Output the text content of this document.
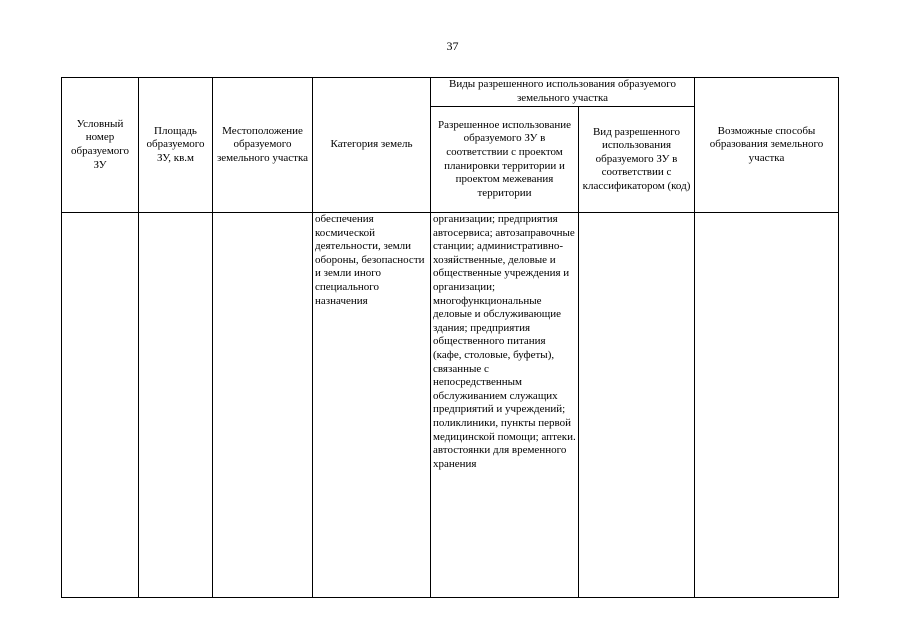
37
Условный номер образуемого ЗУ	Площадь образуемого ЗУ, кв.м	Местоположение образуемого земельного участка	Категория земель	Виды разрешенного использования образуемого земельного участка		Возможные способы образования земельного участка
				Разрешенное использование образуемого ЗУ в соответствии с проектом планировки территории и проектом межевания территории	Вид разрешенного использования образуемого ЗУ в соответствии с классификатором (код)	
			обеспечения космической деятельности, земли обороны, безопасности и земли иного специального назначения	организации; предприятия автосервиса; автозаправочные станции; административно-хозяйственные, деловые и общественные учреждения и организации; многофункциональные деловые и обслуживающие здания; предприятия общественного питания (кафе, столовые, буфеты), связанные с непосредственным обслуживанием служащих предприятий и учреждений; поликлиники, пункты первой медицинской помощи; аптеки. автостоянки для временного хранения		
